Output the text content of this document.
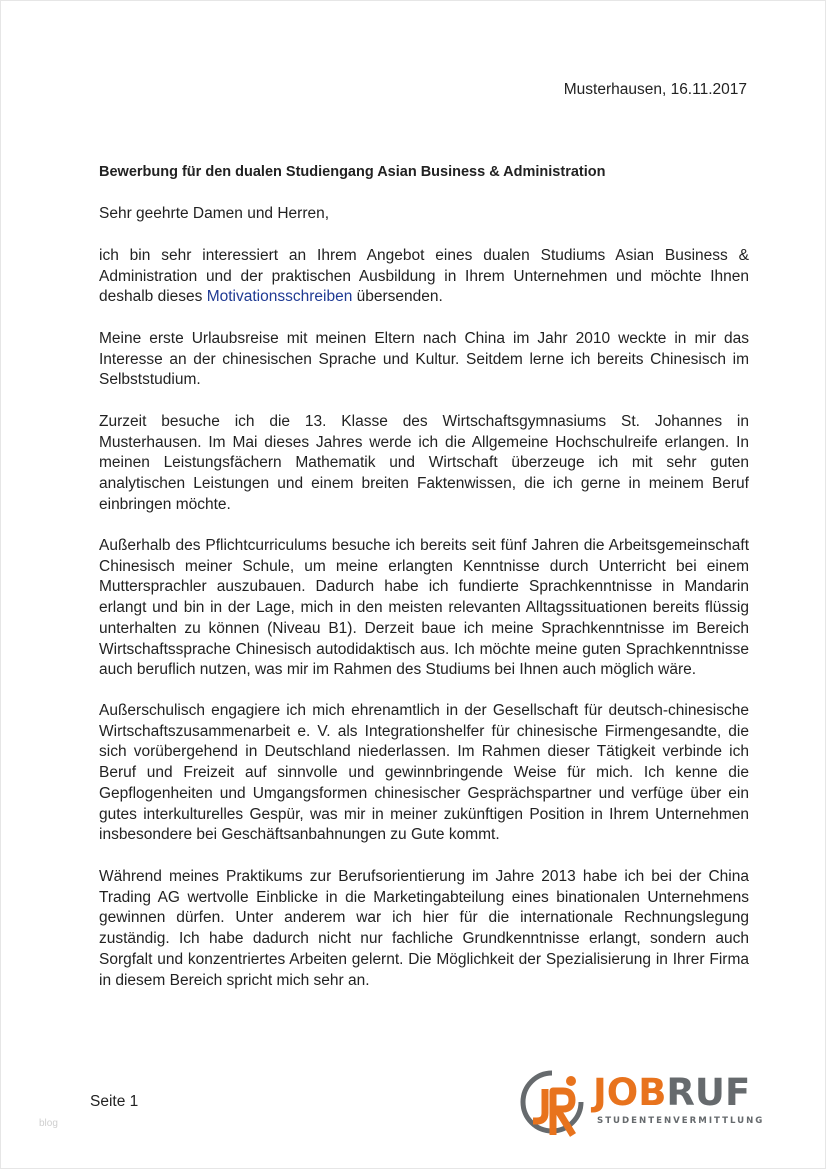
Musterhausen, 16.11.2017
Bewerbung für den dualen Studiengang Asian Business & Administration
Sehr geehrte Damen und Herren,
ich bin sehr interessiert an Ihrem Angebot eines dualen Studiums Asian Business & Administration und der praktischen Ausbildung in Ihrem Unternehmen und möchte Ihnen deshalb dieses Motivationsschreiben übersenden.
Meine erste Urlaubsreise mit meinen Eltern nach China im Jahr 2010 weckte in mir das Interesse an der chinesischen Sprache und Kultur. Seitdem lerne ich bereits Chinesisch im Selbststudium.
Zurzeit besuche ich die 13. Klasse des Wirtschaftsgymnasiums St. Johannes in Musterhausen. Im Mai dieses Jahres werde ich die Allgemeine Hochschulreife erlangen. In meinen Leistungsfächern Mathematik und Wirtschaft überzeuge ich mit sehr guten analytischen Leistungen und einem breiten Faktenwissen, die ich gerne in meinem Beruf einbringen möchte.
Außerhalb des Pflichtcurriculums besuche ich bereits seit fünf Jahren die Arbeitsgemeinschaft Chinesisch meiner Schule, um meine erlangten Kenntnisse durch Unterricht bei einem Muttersprachler auszubauen. Dadurch habe ich fundierte Sprachkenntnisse in Mandarin erlangt und bin in der Lage, mich in den meisten relevanten Alltagssituationen bereits flüssig unterhalten zu können (Niveau B1). Derzeit baue ich meine Sprachkenntnisse im Bereich Wirtschaftssprache Chinesisch autodidaktisch aus. Ich möchte meine guten Sprachkenntnisse auch beruflich nutzen, was mir im Rahmen des Studiums bei Ihnen auch möglich wäre.
Außerschulisch engagiere ich mich ehrenamtlich in der Gesellschaft für deutsch-chinesische Wirtschaftszusammenarbeit e. V. als Integrationshelfer für chinesische Firmengesandte, die sich vorübergehend in Deutschland niederlassen. Im Rahmen dieser Tätigkeit verbinde ich Beruf und Freizeit auf sinnvolle und gewinnbringende Weise für mich. Ich kenne die Gepflogenheiten und Umgangsformen chinesischer Gesprächspartner und verfüge über ein gutes interkulturelles Gespür, was mir in meiner zukünftigen Position in Ihrem Unternehmen insbesondere bei Geschäftsanbahnungen zu Gute kommt.
Während meines Praktikums zur Berufsorientierung im Jahre 2013 habe ich bei der China Trading AG wertvolle Einblicke in die Marketingabteilung eines binationalen Unternehmens gewinnen dürfen. Unter anderem war ich hier für die internationale Rechnungslegung zuständig. Ich habe dadurch nicht nur fachliche Grundkenntnisse erlangt, sondern auch Sorgfalt und konzentriertes Arbeiten gelernt. Die Möglichkeit der Spezialisierung in Ihrer Firma in diesem Bereich spricht mich sehr an.
Seite 1
blog
JOBRUF
STUDENTENVERMITTLUNG
